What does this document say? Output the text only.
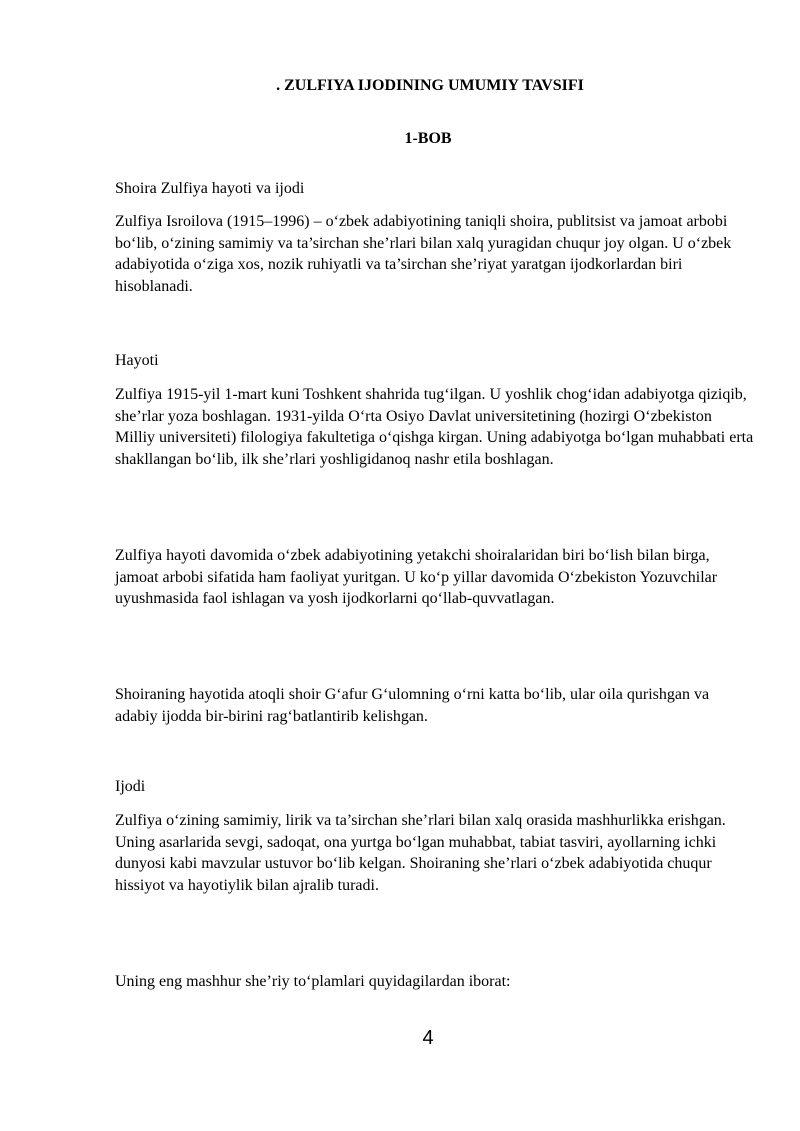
. ZULFIYA IJODINING UMUMIY TAVSIFI
1-BOB

Shoira Zulfiya hayoti va ijodi

Zulfiya Isroilova (1915–1996) – o‘zbek adabiyotining taniqli shoira, publitsist va jamoat arbobi bo‘lib, o‘zining samimiy va ta’sirchan she’rlari bilan xalq yuragidan chuqur joy olgan. U o‘zbek adabiyotida o‘ziga xos, nozik ruhiyatli va ta’sirchan she’riyat yaratgan ijodkorlardan biri hisoblanadi.

Hayoti

Zulfiya 1915-yil 1-mart kuni Toshkent shahrida tug‘ilgan. U yoshlik chog‘idan adabiyotga qiziqib, she’rlar yoza boshlagan. 1931-yilda O‘rta Osiyo Davlat universitetining (hozirgi O‘zbekiston Milliy universiteti) filologiya fakultetiga o‘qishga kirgan. Uning adabiyotga bo‘lgan muhabbati erta shakllangan bo‘lib, ilk she’rlari yoshligidanoq nashr etila boshlagan.

Zulfiya hayoti davomida o‘zbek adabiyotining yetakchi shoiralaridan biri bo‘lish bilan birga, jamoat arbobi sifatida ham faoliyat yuritgan. U ko‘p yillar davomida O‘zbekiston Yozuvchilar uyushmasida faol ishlagan va yosh ijodkorlarni qo‘llab-quvvatlagan.

Shoiraning hayotida atoqli shoir G‘afur G‘ulomning o‘rni katta bo‘lib, ular oila qurishgan va adabiy ijodda bir-birini rag‘batlantirib kelishgan.

Ijodi

Zulfiya o‘zining samimiy, lirik va ta’sirchan she’rlari bilan xalq orasida mashhurlikka erishgan. Uning asarlarida sevgi, sadoqat, ona yurtga bo‘lgan muhabbat, tabiat tasviri, ayollarning ichki dunyosi kabi mavzular ustuvor bo‘lib kelgan. Shoiraning she’rlari o‘zbek adabiyotida chuqur hissiyot va hayotiylik bilan ajralib turadi.

Uning eng mashhur she’riy to‘plamlari quyidagilardan iborat:

4
